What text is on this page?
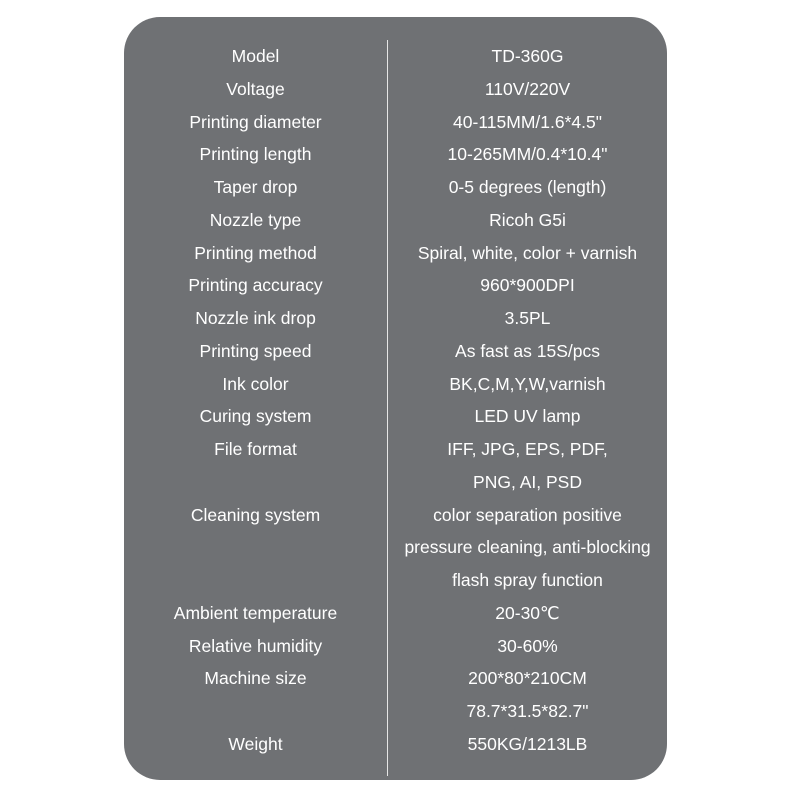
Model	TD-360G
Voltage	110V/220V
Printing diameter	40-115MM/1.6*4.5"
Printing length	10-265MM/0.4*10.4"
Taper drop	0-5 degrees (length)
Nozzle type	Ricoh G5i
Printing method	Spiral, white, color + varnish
Printing accuracy	960*900DPI
Nozzle ink drop	3.5PL
Printing speed	As fast as 15S/pcs
Ink color	BK,C,M,Y,W,varnish
Curing system	LED UV lamp
File format	IFF, JPG, EPS, PDF,
PNG, AI, PSD
Cleaning system	color separation positive
pressure cleaning, anti-blocking
flash spray function
Ambient temperature	20-30℃
Relative humidity	30-60%
Machine size	200*80*210CM
78.7*31.5*82.7"
Weight	550KG/1213LB
